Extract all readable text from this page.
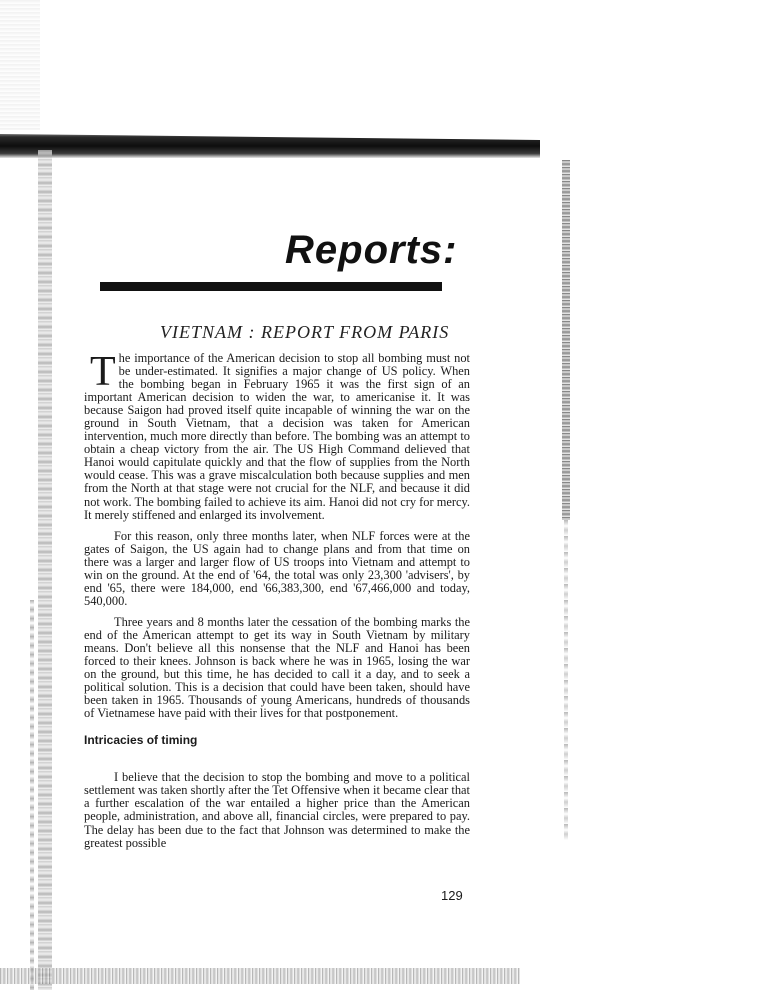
Reports:
VIETNAM : REPORT FROM PARIS

The importance of the American decision to stop all bombing must not be under-estimated. It signifies a major change of US policy. When the bombing began in February 1965 it was the first sign of an important American decision to widen the war, to americanise it. It was because Saigon had proved itself quite incapable of winning the war on the ground in South Vietnam, that a decision was taken for American intervention, much more directly than before. The bombing was an attempt to obtain a cheap victory from the air. The US High Command delieved that Hanoi would capitulate quickly and that the flow of supplies from the North would cease. This was a grave miscalculation both because supplies and men from the North at that stage were not crucial for the NLF, and because it did not work. The bombing failed to achieve its aim. Hanoi did not cry for mercy. It merely stiffened and enlarged its involvement.

For this reason, only three months later, when NLF forces were at the gates of Saigon, the US again had to change plans and from that time on there was a larger and larger flow of US troops into Vietnam and attempt to win on the ground. At the end of '64, the total was only 23,300 'advisers', by end '65, there were 184,000, end '66,383,300, end '67,466,000 and today, 540,000.

Three years and 8 months later the cessation of the bombing marks the end of the American attempt to get its way in South Vietnam by military means. Don't believe all this nonsense that the NLF and Hanoi has been forced to their knees. Johnson is back where he was in 1965, losing the war on the ground, but this time, he has decided to call it a day, and to seek a political solution. This is a decision that could have been taken, should have been taken in 1965. Thousands of young Americans, hundreds of thousands of Vietnamese have paid with their lives for that postponement.

Intricacies of timing

I believe that the decision to stop the bombing and move to a political settlement was taken shortly after the Tet Offensive when it became clear that a further escalation of the war entailed a higher price than the American people, administration, and above all, financial circles, were prepared to pay. The delay has been due to the fact that Johnson was determined to make the greatest possible

129
